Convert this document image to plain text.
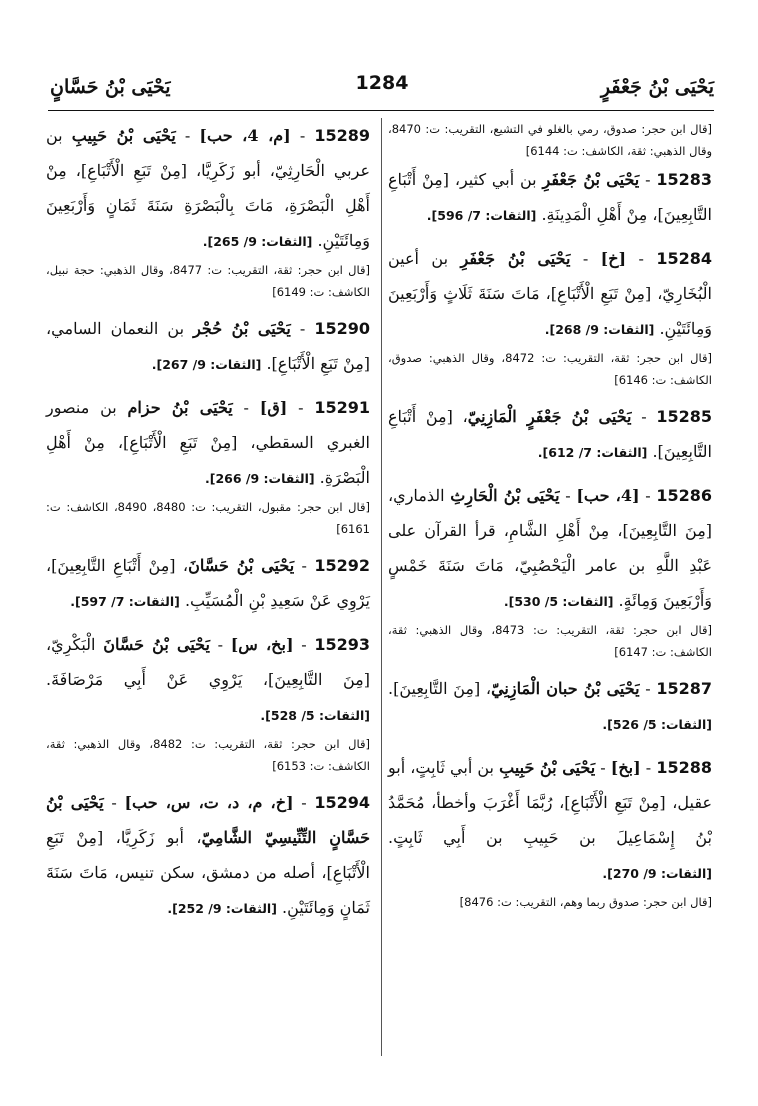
يَحْيَى بْنُ جَعْفَرٍ
1284
يَحْيَى بْنُ حَسَّانٍ

[قال ابن حجر: صدوق، رمي بالغلو في التشيع، التقريب: ت: 8470، وقال الذهبي: ثقة، الكاشف: ت: 6144]

15283 - يَحْيَى بْنُ جَعْفَرِ بن أبي كثير، [مِنْ أَتْبَاعِ التَّابِعِينَ]، مِنْ أَهْلِ الْمَدِينَةِ. [الثقات: 7/ 596].

15284 - [خ] - يَحْيَى بْنُ جَعْفَرِ بن أعين الْبُخَارِيّ، [مِنْ تَبَعِ الْأَتْبَاعِ]، مَاتَ سَنَةَ ثَلَاثٍ وَأَرْبَعِينَ وَمِائَتَيْنِ. [الثقات: 9/ 268].

[قال ابن حجر: ثقة، التقريب: ت: 8472، وقال الذهبي: صدوق، الكاشف: ت: 6146]

15285 - يَحْيَى بْنُ جَعْفَرٍ الْمَازِنِيّ، [مِنْ أَتْبَاعِ التَّابِعِينَ]. [الثقات: 7/ 612].

15286 - [4، حب] - يَحْيَى بْنُ الْحَارِثِ الذماري، [مِنَ التَّابِعِينَ]، مِنْ أَهْلِ الشَّامِ، قرأ القرآن على عَبْدِ اللَّهِ بن عامر الْيَحْصُبِيّ، مَاتَ سَنَةَ خَمْسٍ وَأَرْبَعِينَ وَمِائَةٍ. [الثقات: 5/ 530].

[قال ابن حجر: ثقة، التقريب: ت: 8473، وقال الذهبي: ثقة، الكاشف: ت: 6147]

15287 - يَحْيَى بْنُ حبان الْمَازِنِيّ، [مِنَ التَّابِعِينَ]. [الثقات: 5/ 526].

15288 - [بخ] - يَحْيَى بْنُ حَبِيبِ بن أبي ثَابِتٍ، أبو عقيل، [مِنْ تَبَعِ الْأَتْبَاعِ]، رُبَّمَا أَغْرَبَ وأخطأ، مُحَمَّدُ بْنُ إِسْمَاعِيلَ بن حَبِيبِ بن أَبِي ثَابِتٍ. [الثقات: 9/ 270].

[قال ابن حجر: صدوق ربما وهم، التقريب: ت: 8476]

15289 - [م، 4، حب] - يَحْيَى بْنُ حَبِيبِ بن عربي الْحَارِثِيّ، أبو زَكَرِيَّا، [مِنْ تَبَعِ الْأَتْبَاعِ]، مِنْ أَهْلِ الْبَصْرَةِ، مَاتَ بِالْبَصْرَةِ سَنَةَ ثَمَانٍ وَأَرْبَعِينَ وَمِائَتَيْنِ. [الثقات: 9/ 265].

[قال ابن حجر: ثقة، التقريب: ت: 8477، وقال الذهبي: حجة نبيل، الكاشف: ت: 6149]

15290 - يَحْيَى بْنُ حُجْر بن النعمان السامي، [مِنْ تَبَعِ الْأَتْبَاعِ]. [الثقات: 9/ 267].

15291 - [ق] - يَحْيَى بْنُ حزام بن منصور الغبري السقطي، [مِنْ تَبَعِ الْأَتْبَاعِ]، مِنْ أَهْلِ الْبَصْرَةِ. [الثقات: 9/ 266].

[قال ابن حجر: مقبول، التقريب: ت: 8480، 8490، الكاشف: ت: 6161]

15292 - يَحْيَى بْنُ حَسَّانَ، [مِنْ أَتْبَاعِ التَّابِعِينَ]، يَرْوِي عَنْ سَعِيدِ بْنِ الْمُسَيِّبِ. [الثقات: 7/ 597].

15293 - [بخ، س] - يَحْيَى بْنُ حَسَّانَ الْبَكْرِيّ، [مِنَ التَّابِعِينَ]، يَرْوِي عَنْ أَبِي مَرْصَافَةَ. [الثقات: 5/ 528].

[قال ابن حجر: ثقة، التقريب: ت: 8482، وقال الذهبي: ثقة، الكاشف: ت: 6153]

15294 - [خ، م، د، ت، س، حب] - يَحْيَى بْنُ حَسَّانٍ التِّنِّيسِيّ الشَّامِيّ، أبو زَكَرِيَّا، [مِنْ تَبَعِ الْأَتْبَاعِ]، أصله من دمشق، سكن تنيس، مَاتَ سَنَةَ ثَمَانٍ وَمِائَتَيْنِ. [الثقات: 9/ 252].
